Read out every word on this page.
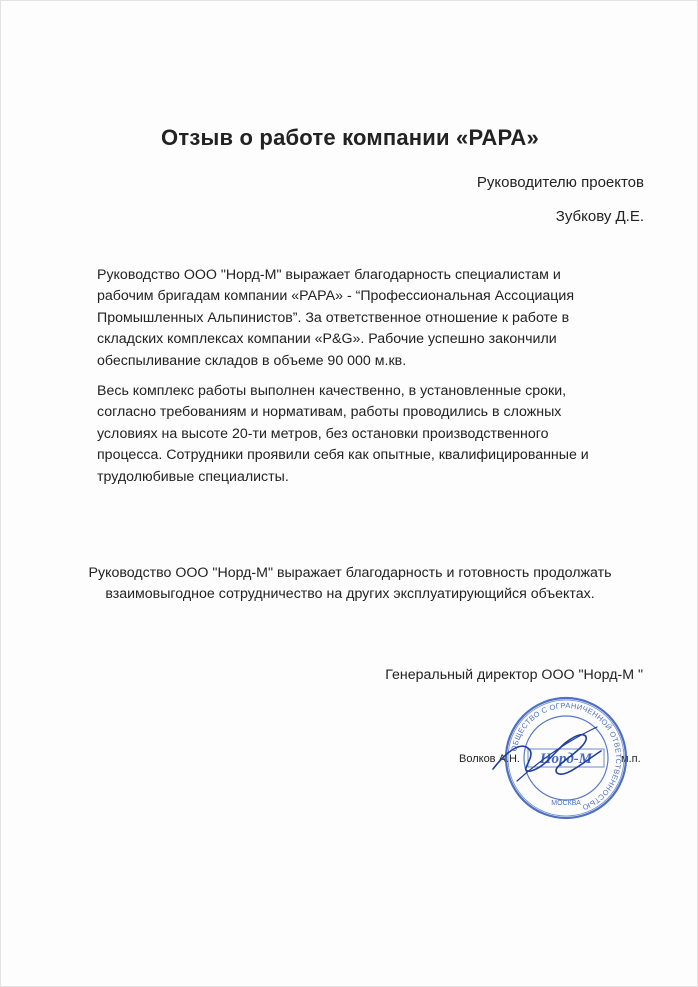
Отзыв о работе компании «РАРА»
Руководителю проектов
Зубкову Д.Е.

Руководство ООО "Норд-М" выражает благодарность специалистам и рабочим бригадам компании «РАРА» - “Профессиональная Ассоциация Промышленных Альпинистов”. За ответственное отношение к работе в складских комплексах компании «P&G». Рабочие успешно закончили обеспыливание складов в объеме 90 000 м.кв.

Весь комплекс работы выполнен качественно, в установленные сроки, согласно требованиям и нормативам, работы проводились в сложных условиях на высоте 20-ти метров, без остановки производственного процесса. Сотрудники проявили себя как опытные, квалифицированные и трудолюбивые специалисты.

Руководство ООО "Норд-М" выражает благодарность и готовность продолжать взаимовыгодное сотрудничество на других эксплуатирующийся объектах.

Генеральный директор ООО "Норд-М "
Волков А.Н.	м.п.
ОБЩЕСТВО С ОГРАНИЧЕННОЙ ОТВЕТСТВЕННОСТЬЮ
МОСКВА
Норд-М
